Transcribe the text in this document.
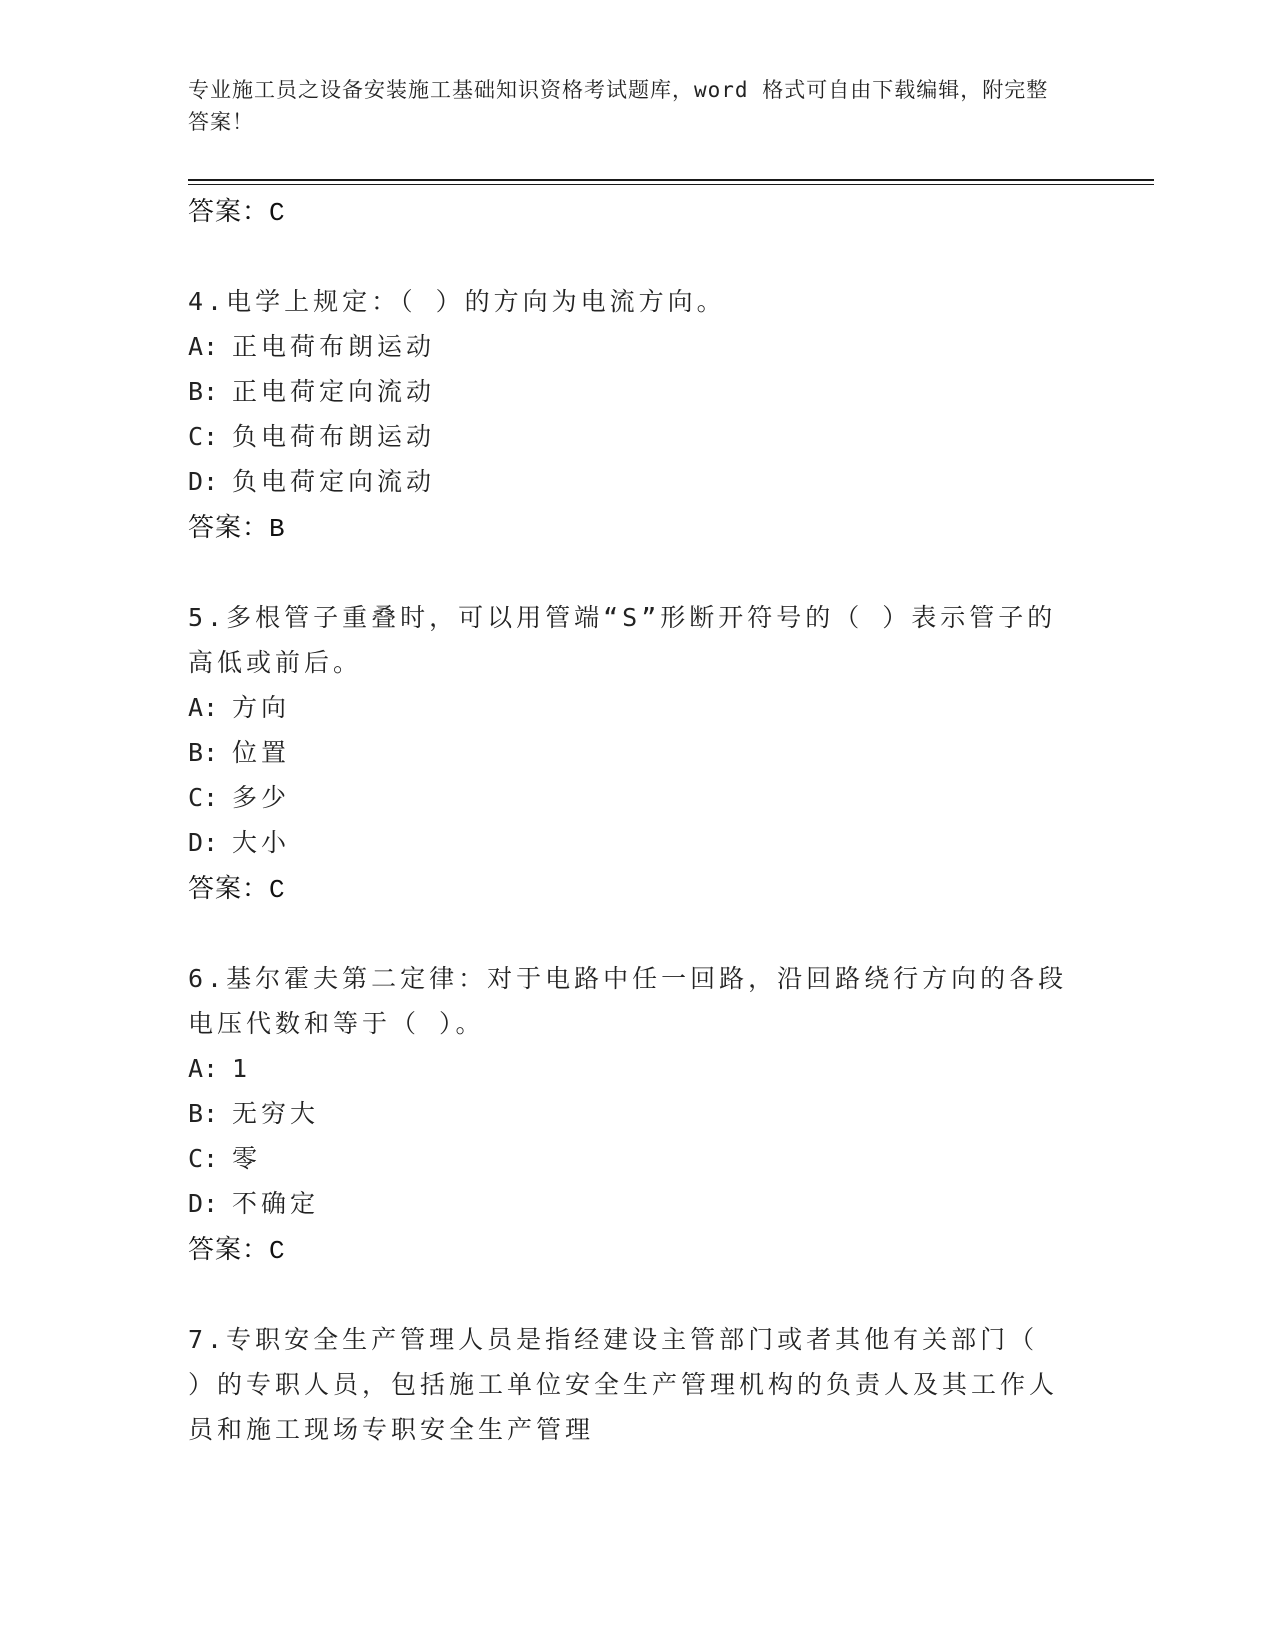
专业施工员之设备安装施工基础知识资格考试题库，word 格式可自由下载编辑，附完整答案！
答案：C
4.电学上规定：（ ）的方向为电流方向。
A: 正电荷布朗运动
B: 正电荷定向流动
C: 负电荷布朗运动
D: 负电荷定向流动
答案：B
5.多根管子重叠时，可以用管端“S”形断开符号的（ ）表示管子的高低或前后。
A: 方向
B: 位置
C: 多少
D: 大小
答案：C
6.基尔霍夫第二定律：对于电路中任一回路，沿回路绕行方向的各段电压代数和等于（ ）。
A: 1
B: 无穷大
C: 零
D: 不确定
答案：C
7.专职安全生产管理人员是指经建设主管部门或者其他有关部门（ ）的专职人员，包括施工单位安全生产管理机构的负责人及其工作人员和施工现场专职安全生产管理
